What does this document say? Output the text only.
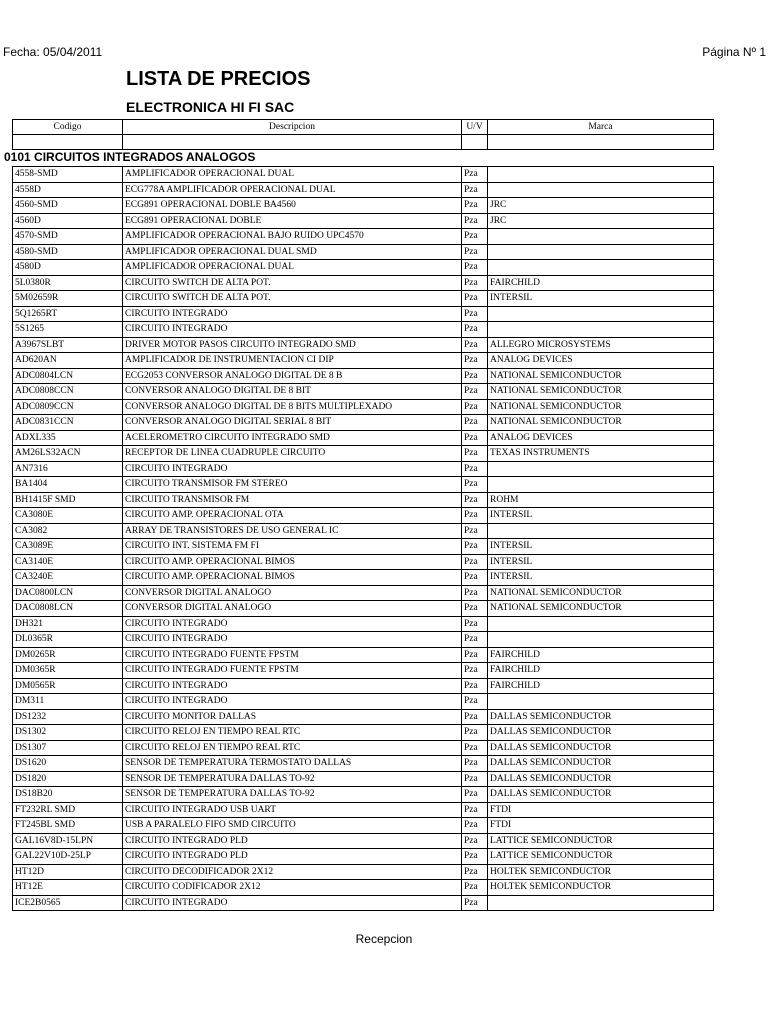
Fecha: 05/04/2011	Página Nº 1
LISTA DE PRECIOS
ELECTRONICA HI FI SAC
Codigo	Descripcion	U/V	Marca

0101 CIRCUITOS INTEGRADOS ANALOGOS
4558-SMD	AMPLIFICADOR OPERACIONAL DUAL	Pza	
4558D	ECG778A AMPLIFICADOR OPERACIONAL DUAL	Pza	
4560-SMD	ECG891 OPERACIONAL DOBLE BA4560	Pza	JRC
4560D	ECG891 OPERACIONAL DOBLE	Pza	JRC
4570-SMD	AMPLIFICADOR OPERACIONAL BAJO RUIDO UPC4570	Pza	
4580-SMD	AMPLIFICADOR OPERACIONAL DUAL SMD	Pza	
4580D	AMPLIFICADOR OPERACIONAL DUAL	Pza	
5L0380R	CIRCUITO SWITCH DE ALTA POT.	Pza	FAIRCHILD
5M02659R	CIRCUITO SWITCH DE ALTA POT.	Pza	INTERSIL
5Q1265RT	CIRCUITO INTEGRADO	Pza	
5S1265	CIRCUITO INTEGRADO	Pza	
A3967SLBT	DRIVER MOTOR PASOS CIRCUITO INTEGRADO SMD	Pza	ALLEGRO MICROSYSTEMS
AD620AN	AMPLIFICADOR DE INSTRUMENTACION CI DIP	Pza	ANALOG DEVICES
ADC0804LCN	ECG2053 CONVERSOR ANALOGO DIGITAL DE 8 B	Pza	NATIONAL SEMICONDUCTOR
ADC0808CCN	CONVERSOR ANALOGO DIGITAL DE 8 BIT	Pza	NATIONAL SEMICONDUCTOR
ADC0809CCN	CONVERSOR ANALOGO DIGITAL DE 8 BITS MULTIPLEXADO	Pza	NATIONAL SEMICONDUCTOR
ADC0831CCN	CONVERSOR ANALOGO DIGITAL SERIAL 8 BIT	Pza	NATIONAL SEMICONDUCTOR
ADXL335	ACELEROMETRO CIRCUITO INTEGRADO SMD	Pza	ANALOG DEVICES
AM26LS32ACN	RECEPTOR DE LINEA CUADRUPLE CIRCUITO	Pza	TEXAS INSTRUMENTS
AN7316	CIRCUITO INTEGRADO	Pza	
BA1404	CIRCUITO TRANSMISOR FM STEREO	Pza	
BH1415F SMD	CIRCUITO TRANSMISOR FM	Pza	ROHM
CA3080E	CIRCUITO AMP. OPERACIONAL OTA	Pza	INTERSIL
CA3082	ARRAY DE TRANSISTORES DE USO GENERAL IC	Pza	
CA3089E	CIRCUITO INT. SISTEMA FM FI	Pza	INTERSIL
CA3140E	CIRCUITO AMP. OPERACIONAL BIMOS	Pza	INTERSIL
CA3240E	CIRCUITO AMP. OPERACIONAL BIMOS	Pza	INTERSIL
DAC0800LCN	CONVERSOR DIGITAL ANALOGO	Pza	NATIONAL SEMICONDUCTOR
DAC0808LCN	CONVERSOR DIGITAL ANALOGO	Pza	NATIONAL SEMICONDUCTOR
DH321	CIRCUITO INTEGRADO	Pza	
DL0365R	CIRCUITO INTEGRADO	Pza	
DM0265R	CIRCUITO INTEGRADO FUENTE FPSTM	Pza	FAIRCHILD
DM0365R	CIRCUITO INTEGRADO FUENTE FPSTM	Pza	FAIRCHILD
DM0565R	CIRCUITO INTEGRADO	Pza	FAIRCHILD
DM311	CIRCUITO INTEGRADO	Pza	
DS1232	CIRCUITO MONITOR DALLAS	Pza	DALLAS SEMICONDUCTOR
DS1302	CIRCUITO RELOJ EN TIEMPO REAL RTC	Pza	DALLAS SEMICONDUCTOR
DS1307	CIRCUITO RELOJ EN TIEMPO REAL RTC	Pza	DALLAS SEMICONDUCTOR
DS1620	SENSOR DE TEMPERATURA TERMOSTATO DALLAS	Pza	DALLAS SEMICONDUCTOR
DS1820	SENSOR DE TEMPERATURA DALLAS TO-92	Pza	DALLAS SEMICONDUCTOR
DS18B20	SENSOR DE TEMPERATURA DALLAS TO-92	Pza	DALLAS SEMICONDUCTOR
FT232RL SMD	CIRCUITO INTEGRADO USB UART	Pza	FTDI
FT245BL SMD	USB A PARALELO FIFO SMD CIRCUITO	Pza	FTDI
GAL16V8D-15LPN	CIRCUITO INTEGRADO PLD	Pza	LATTICE SEMICONDUCTOR
GAL22V10D-25LP	CIRCUITO INTEGRADO PLD	Pza	LATTICE SEMICONDUCTOR
HT12D	CIRCUITO DECODIFICADOR 2X12	Pza	HOLTEK SEMICONDUCTOR
HT12E	CIRCUITO CODIFICADOR 2X12	Pza	HOLTEK SEMICONDUCTOR
ICE2B0565	CIRCUITO INTEGRADO	Pza	
Recepcion
